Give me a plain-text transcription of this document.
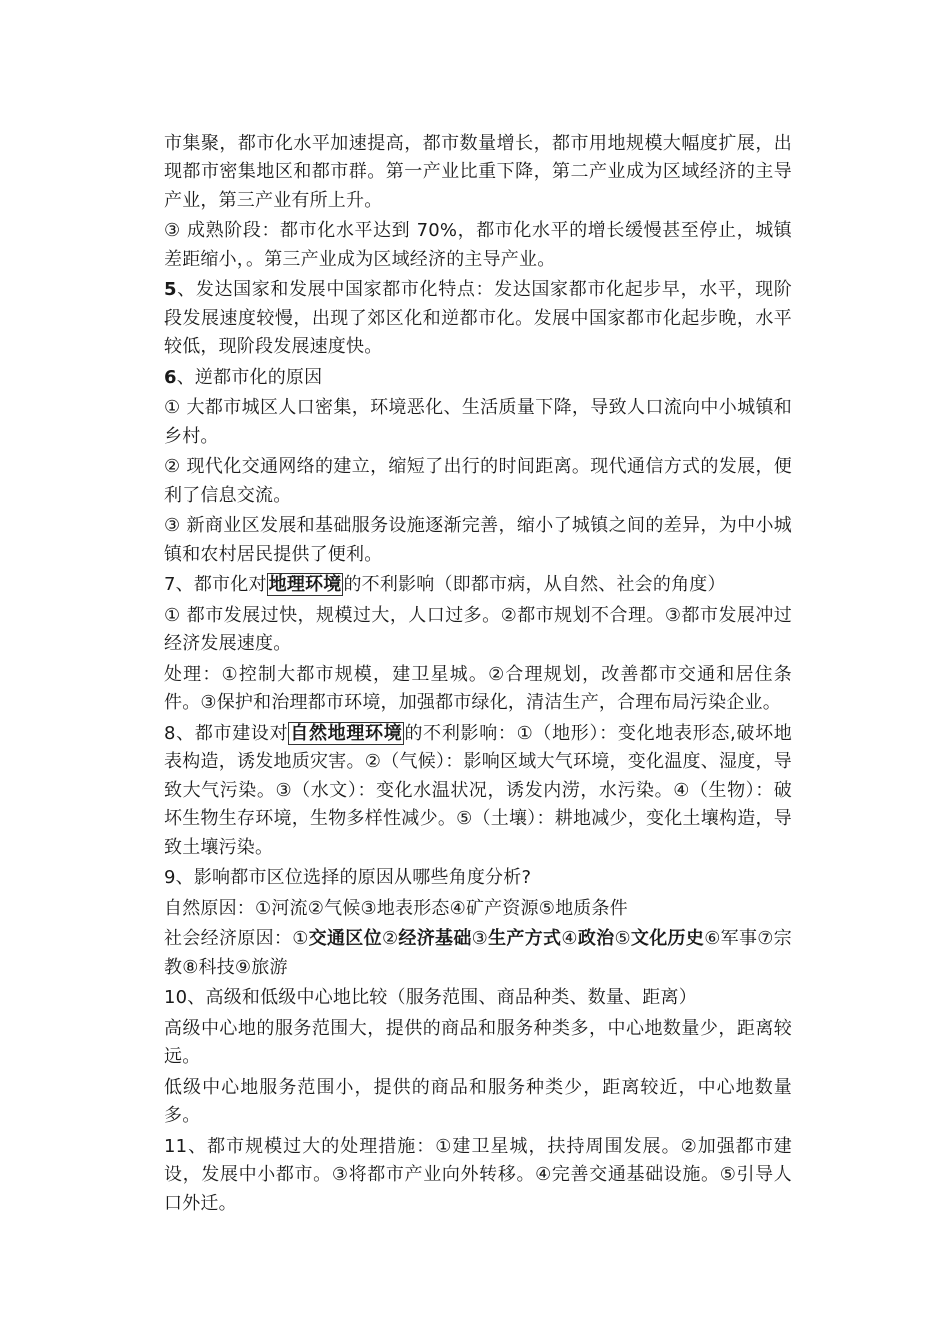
市集聚，都市化水平加速提高，都市数量增长，都市用地规模大幅度扩展，出现都市密集地区和都市群。第一产业比重下降，第二产业成为区域经济的主导产业，第三产业有所上升。

③ 成熟阶段：都市化水平达到 70%，都市化水平的增长缓慢甚至停止，城镇差距缩小，。第三产业成为区域经济的主导产业。

5、发达国家和发展中国家都市化特点：发达国家都市化起步早，水平，现阶段发展速度较慢，出现了郊区化和逆都市化。发展中国家都市化起步晚，水平较低，现阶段发展速度快。

6、逆都市化的原因

① 大都市城区人口密集，环境恶化、生活质量下降，导致人口流向中小城镇和乡村。

② 现代化交通网络的建立，缩短了出行的时间距离。现代通信方式的发展，便利了信息交流。

③ 新商业区发展和基础服务设施逐渐完善，缩小了城镇之间的差异，为中小城镇和农村居民提供了便利。

7、都市化对 地理环境 的不利影响（即都市病，从自然、社会的角度）

① 都市发展过快，规模过大，人口过多。②都市规划不合理。③都市发展冲过经济发展速度。

处理：①控制大都市规模，建卫星城。②合理规划，改善都市交通和居住条件。③保护和治理都市环境，加强都市绿化，清洁生产，合理布局污染企业。

8、都市建设对 自然地理环境 的不利影响：①（地形）：变化地表形态,破坏地表构造，诱发地质灾害。②（气候）：影响区域大气环境，变化温度、湿度，导致大气污染。③（水文）：变化水温状况，诱发内涝，水污染。④（生物）：破坏生物生存环境，生物多样性减少。⑤（土壤）：耕地减少，变化土壤构造，导致土壤污染。

9、影响都市区位选择的原因从哪些角度分析?

自然原因：①河流②气候③地表形态④矿产资源⑤地质条件

社会经济原因：①交通区位②经济基础③生产方式④政治⑤文化历史⑥军事⑦宗教⑧科技⑨旅游

10、高级和低级中心地比较（服务范围、商品种类、数量、距离）

高级中心地的服务范围大，提供的商品和服务种类多，中心地数量少，距离较远。

低级中心地服务范围小，提供的商品和服务种类少，距离较近，中心地数量多。

11、都市规模过大的处理措施：①建卫星城，扶持周围发展。②加强都市建设，发展中小都市。③将都市产业向外转移。④完善交通基础设施。⑤引导人口外迁。
